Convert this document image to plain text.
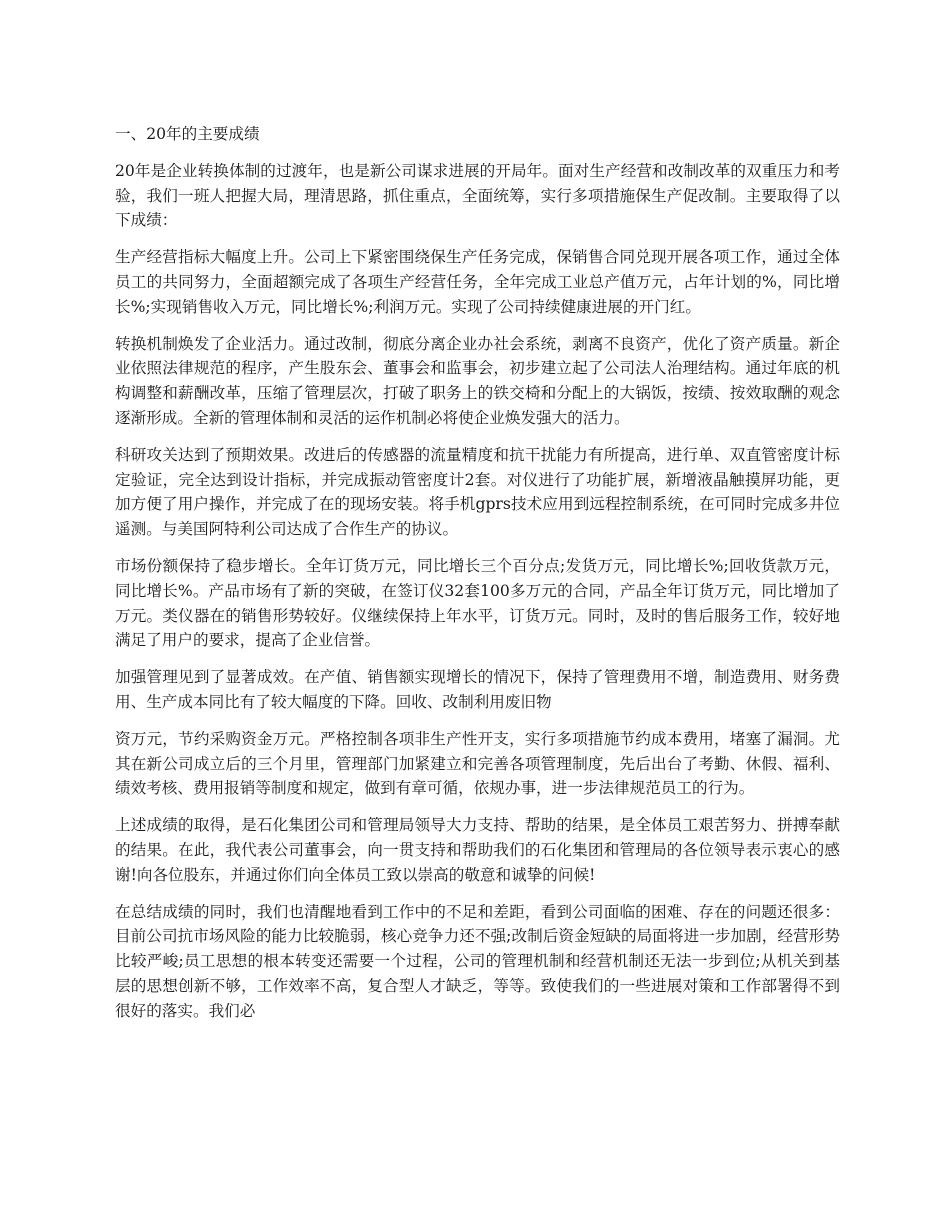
一、20年的主要成绩

20年是企业转换体制的过渡年，也是新公司谋求进展的开局年。面对生产经营和改制改革的双重压力和考验，我们一班人把握大局，理清思路，抓住重点，全面统筹，实行多项措施保生产促改制。主要取得了以下成绩：

生产经营指标大幅度上升。公司上下紧密围绕保生产任务完成，保销售合同兑现开展各项工作，通过全体员工的共同努力，全面超额完成了各项生产经营任务，全年完成工业总产值万元，占年计划的%，同比增长%;实现销售收入万元，同比增长%;利润万元。实现了公司持续健康进展的开门红。

转换机制焕发了企业活力。通过改制，彻底分离企业办社会系统，剥离不良资产，优化了资产质量。新企业依照法律规范的程序，产生股东会、董事会和监事会，初步建立起了公司法人治理结构。通过年底的机构调整和薪酬改革，压缩了管理层次，打破了职务上的铁交椅和分配上的大锅饭，按绩、按效取酬的观念逐渐形成。全新的管理体制和灵活的运作机制必将使企业焕发强大的活力。

科研攻关达到了预期效果。改进后的传感器的流量精度和抗干扰能力有所提高，进行单、双直管密度计标定验证，完全达到设计指标，并完成振动管密度计2套。对仪进行了功能扩展，新增液晶触摸屏功能，更加方便了用户操作，并完成了在的现场安装。将手机gprs技术应用到远程控制系统，在可同时完成多井位遥测。与美国阿特利公司达成了合作生产的协议。

市场份额保持了稳步增长。全年订货万元，同比增长三个百分点;发货万元，同比增长%;回收货款万元，同比增长%。产品市场有了新的突破，在签订仪32套100多万元的合同，产品全年订货万元，同比增加了万元。类仪器在的销售形势较好。仪继续保持上年水平，订货万元。同时，及时的售后服务工作，较好地满足了用户的要求，提高了企业信誉。

加强管理见到了显著成效。在产值、销售额实现增长的情况下，保持了管理费用不增，制造费用、财务费用、生产成本同比有了较大幅度的下降。回收、改制利用废旧物

资万元，节约采购资金万元。严格控制各项非生产性开支，实行多项措施节约成本费用，堵塞了漏洞。尤其在新公司成立后的三个月里，管理部门加紧建立和完善各项管理制度，先后出台了考勤、休假、福利、绩效考核、费用报销等制度和规定，做到有章可循，依规办事，进一步法律规范员工的行为。

上述成绩的取得，是石化集团公司和管理局领导大力支持、帮助的结果，是全体员工艰苦努力、拼搏奉献的结果。在此，我代表公司董事会，向一贯支持和帮助我们的石化集团和管理局的各位领导表示衷心的感谢!向各位股东，并通过你们向全体员工致以崇高的敬意和诚挚的问候!

在总结成绩的同时，我们也清醒地看到工作中的不足和差距，看到公司面临的困难、存在的问题还很多：目前公司抗市场风险的能力比较脆弱，核心竞争力还不强;改制后资金短缺的局面将进一步加剧，经营形势比较严峻;员工思想的根本转变还需要一个过程，公司的管理机制和经营机制还无法一步到位;从机关到基层的思想创新不够，工作效率不高，复合型人才缺乏，等等。致使我们的一些进展对策和工作部署得不到很好的落实。我们必
